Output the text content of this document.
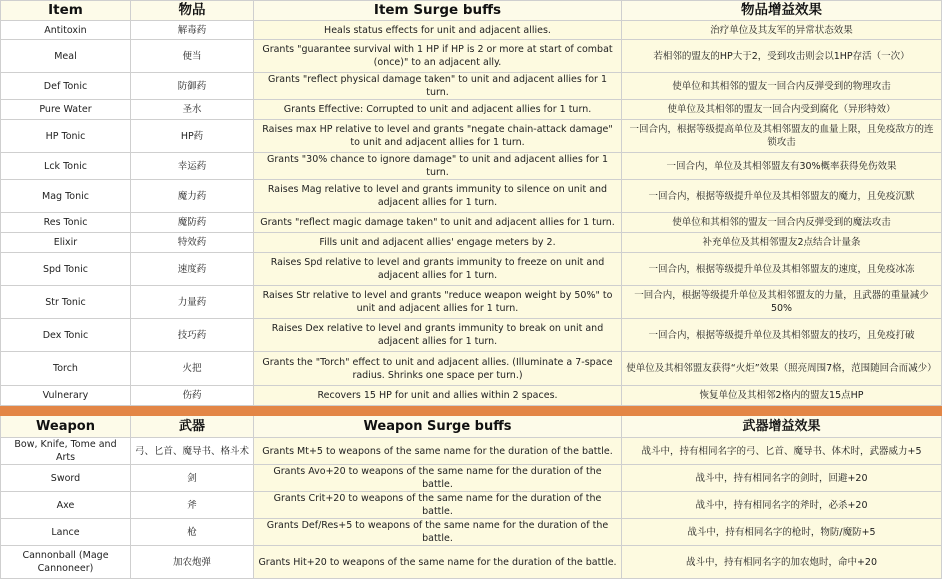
Item	物品	Item Surge buffs	物品增益效果
Antitoxin	解毒药	Heals status effects for unit and adjacent allies.	治疗单位及其友军的异常状态效果
Meal	便当	Grants "guarantee survival with 1 HP if HP is 2 or more at start of combat (once)" to an adjacent ally.	若相邻的盟友的HP大于2，受到攻击则会以1HP存活（一次）
Def Tonic	防御药	Grants "reflect physical damage taken" to unit and adjacent allies for 1 turn.	使单位和其相邻的盟友一回合内反弹受到的物理攻击
Pure Water	圣水	Grants Effective: Corrupted to unit and adjacent allies for 1 turn.	使单位及其相邻的盟友一回合内受到腐化（异形特效）
HP Tonic	HP药	Raises max HP relative to level and grants "negate chain-attack damage" to unit and adjacent allies for 1 turn.	一回合内，根据等级提高单位及其相邻盟友的血量上限，且免疫敌方的连锁攻击
Lck Tonic	幸运药	Grants "30% chance to ignore damage" to unit and adjacent allies for 1 turn.	一回合内，单位及其相邻盟友有30%概率获得免伤效果
Mag Tonic	魔力药	Raises Mag relative to level and grants immunity to silence on unit and adjacent allies for 1 turn.	一回合内，根据等级提升单位及其相邻盟友的魔力，且免疫沉默
Res Tonic	魔防药	Grants "reflect magic damage taken" to unit and adjacent allies for 1 turn.	使单位和其相邻的盟友一回合内反弹受到的魔法攻击
Elixir	特效药	Fills unit and adjacent allies' engage meters by 2.	补充单位及其相邻盟友2点结合计量条
Spd Tonic	速度药	Raises Spd relative to level and grants immunity to freeze on unit and adjacent allies for 1 turn.	一回合内，根据等级提升单位及其相邻盟友的速度，且免疫冰冻
Str Tonic	力量药	Raises Str relative to level and grants "reduce weapon weight by 50%" to unit and adjacent allies for 1 turn.	一回合内，根据等级提升单位及其相邻盟友的力量，且武器的重量减少50%
Dex Tonic	技巧药	Raises Dex relative to level and grants immunity to break on unit and adjacent allies for 1 turn.	一回合内，根据等级提升单位及其相邻盟友的技巧，且免疫打破
Torch	火把	Grants the "Torch" effect to unit and adjacent allies. (Illuminate a 7-space radius. Shrinks one space per turn.)	使单位及其相邻盟友获得“火炬”效果（照亮周围7格，范围随回合而减少）
Vulnerary	伤药	Recovers 15 HP for unit and allies within 2 spaces.	恢复单位及其相邻2格内的盟友15点HP

Weapon	武器	Weapon Surge buffs	武器增益效果
Bow, Knife, Tome and Arts	弓、匕首、魔导书、格斗术	Grants Mt+5 to weapons of the same name for the duration of the battle.	战斗中，持有相同名字的弓、匕首、魔导书、体术时，武器威力+5
Sword	剑	Grants Avo+20 to weapons of the same name for the duration of the battle.	战斗中，持有相同名字的剑时，回避+20
Axe	斧	Grants Crit+20 to weapons of the same name for the duration of the battle.	战斗中，持有相同名字的斧时，必杀+20
Lance	枪	Grants Def/Res+5 to weapons of the same name for the duration of the battle.	战斗中，持有相同名字的枪时，物防/魔防+5
Cannonball (Mage Cannoneer)	加农炮弹	Grants Hit+20 to weapons of the same name for the duration of the battle.	战斗中，持有相同名字的加农炮时，命中+20
